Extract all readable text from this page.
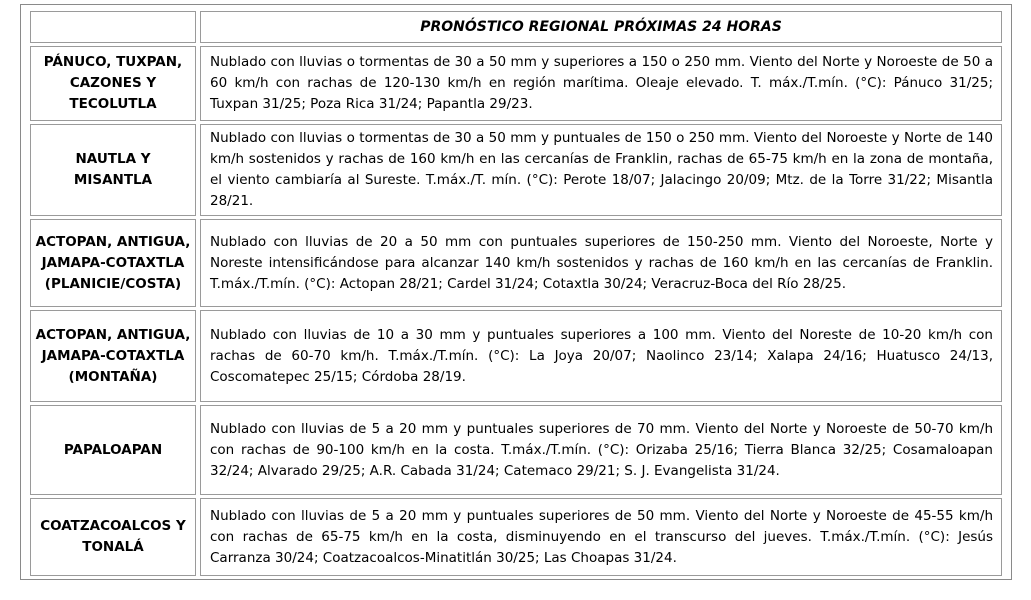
	PRONÓSTICO REGIONAL PRÓXIMAS 24 HORAS
PÁNUCO, TUXPAN, CAZONES Y TECOLUTLA	Nublado con lluvias o tormentas de 30 a 50 mm y superiores a 150 o 250 mm. Viento del Norte y Noroeste de 50 a 60 km/h con rachas de 120-130 km/h en región marítima. Oleaje elevado. T. máx./T.mín. (°C): Pánuco 31/25; Tuxpan 31/25; Poza Rica 31/24; Papantla 29/23.
NAUTLA Y MISANTLA	Nublado con lluvias o tormentas de 30 a 50 mm y puntuales de 150 o 250 mm. Viento del Noroeste y Norte de 140 km/h sostenidos y rachas de 160 km/h en las cercanías de Franklin, rachas de 65-75 km/h en la zona de montaña, el viento cambiaría al Sureste. T.máx./T. mín. (°C): Perote 18/07; Jalacingo 20/09; Mtz. de la Torre 31/22; Misantla 28/21.
ACTOPAN, ANTIGUA, JAMAPA-COTAXTLA (PLANICIE/COSTA)	Nublado con lluvias de 20 a 50 mm con puntuales superiores de 150-250 mm. Viento del Noroeste, Norte y Noreste intensificándose para alcanzar 140 km/h sostenidos y rachas de 160 km/h en las cercanías de Franklin. T.máx./T.mín. (°C): Actopan 28/21; Cardel 31/24; Cotaxtla 30/24; Veracruz-Boca del Río 28/25.
ACTOPAN, ANTIGUA, JAMAPA-COTAXTLA (MONTAÑA)	Nublado con lluvias de 10 a 30 mm y puntuales superiores a 100 mm. Viento del Noreste de 10-20 km/h con rachas de 60-70 km/h. T.máx./T.mín. (°C): La Joya 20/07; Naolinco 23/14; Xalapa 24/16; Huatusco 24/13, Coscomatepec 25/15; Córdoba 28/19.
PAPALOAPAN	Nublado con lluvias de 5 a 20 mm y puntuales superiores de 70 mm. Viento del Norte y Noroeste de 50-70 km/h con rachas de 90-100 km/h en la costa. T.máx./T.mín. (°C): Orizaba 25/16; Tierra Blanca 32/25; Cosamaloapan 32/24; Alvarado 29/25; A.R. Cabada 31/24; Catemaco 29/21; S. J. Evangelista 31/24.
COATZACOALCOS Y TONALÁ	Nublado con lluvias de 5 a 20 mm y puntuales superiores de 50 mm. Viento del Norte y Noroeste de 45-55 km/h con rachas de 65-75 km/h en la costa, disminuyendo en el transcurso del jueves. T.máx./T.mín. (°C): Jesús Carranza 30/24; Coatzacoalcos-Minatitlán 30/25; Las Choapas 31/24.
